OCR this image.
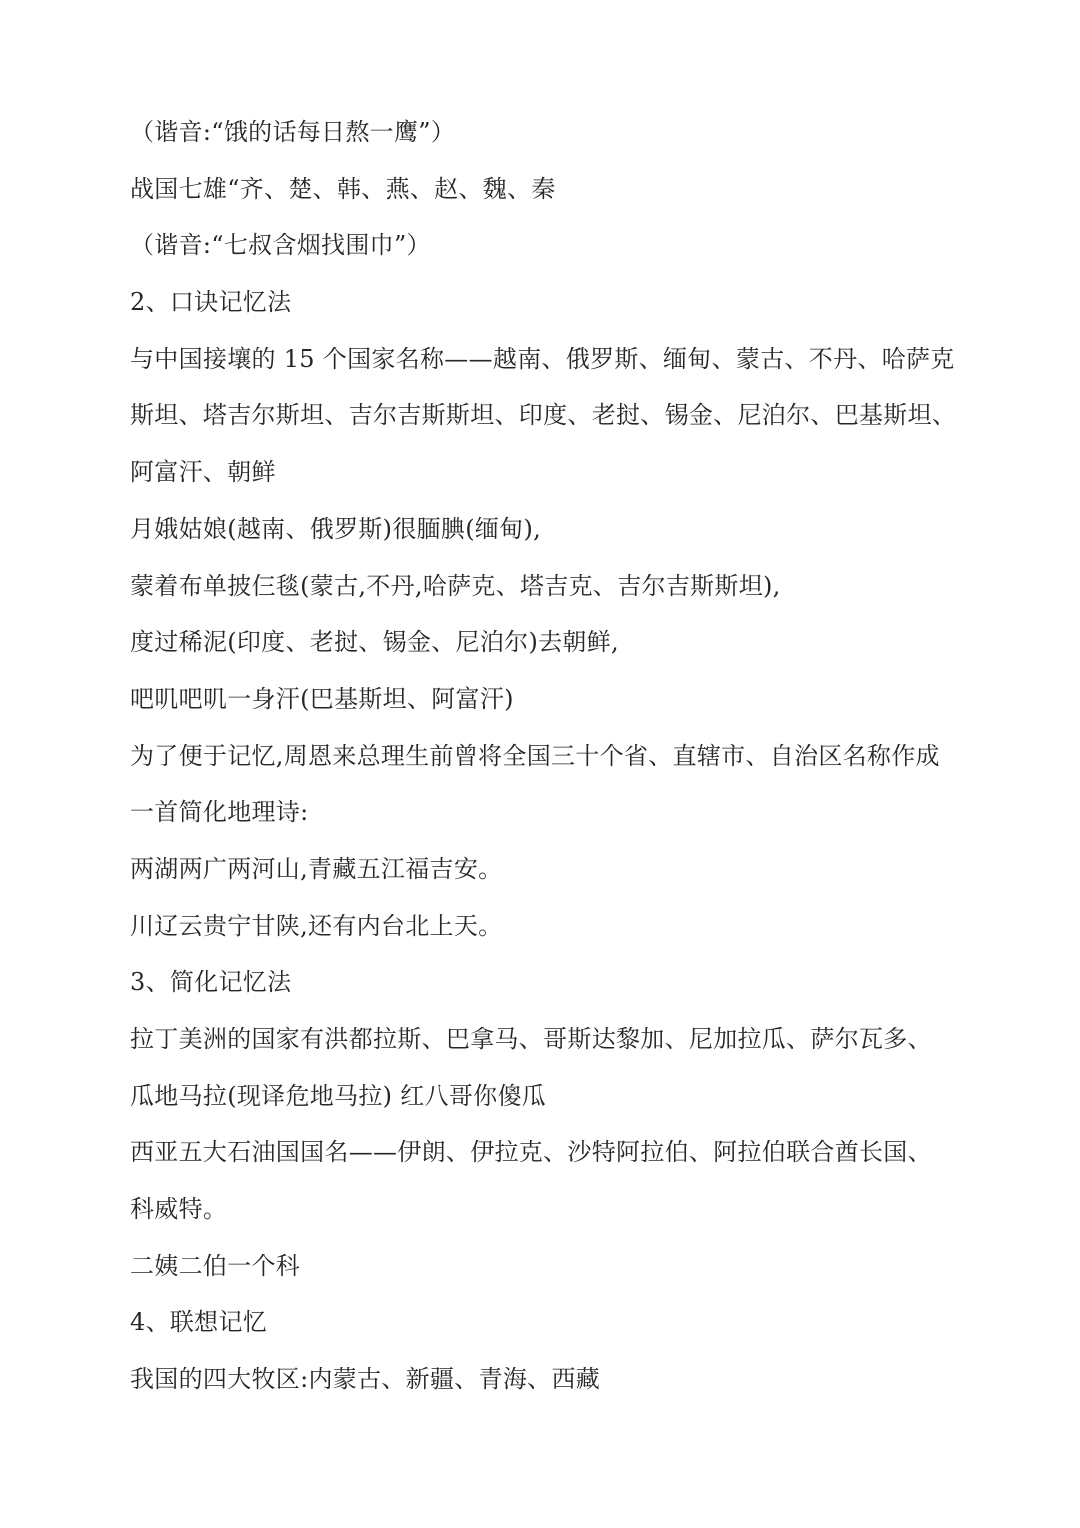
（谐音:“饿的话每日熬一鹰”）
战国七雄“齐、楚、韩、燕、赵、魏、秦
（谐音:“七叔含烟找围巾”）
2、口诀记忆法
与中国接壤的 15 个国家名称——越南、俄罗斯、缅甸、蒙古、不丹、哈萨克
斯坦、塔吉尔斯坦、吉尔吉斯斯坦、印度、老挝、锡金、尼泊尔、巴基斯坦、
阿富汗、朝鲜
月娥姑娘(越南、俄罗斯)很腼腆(缅甸),
蒙着布单披仨毯(蒙古,不丹,哈萨克、塔吉克、吉尔吉斯斯坦),
度过稀泥(印度、老挝、锡金、尼泊尔)去朝鲜,
吧叽吧叽一身汗(巴基斯坦、阿富汗)
为了便于记忆,周恩来总理生前曾将全国三十个省、直辖市、自治区名称作成
一首简化地理诗:
两湖两广两河山,青藏五江福吉安。
川辽云贵宁甘陕,还有内台北上天。
3、简化记忆法
拉丁美洲的国家有洪都拉斯、巴拿马、哥斯达黎加、尼加拉瓜、萨尔瓦多、
瓜地马拉(现译危地马拉) 红八哥你傻瓜
西亚五大石油国国名——伊朗、伊拉克、沙特阿拉伯、阿拉伯联合酋长国、
科威特。
二姨二伯一个科
4、联想记忆
我国的四大牧区:内蒙古、新疆、青海、西藏
